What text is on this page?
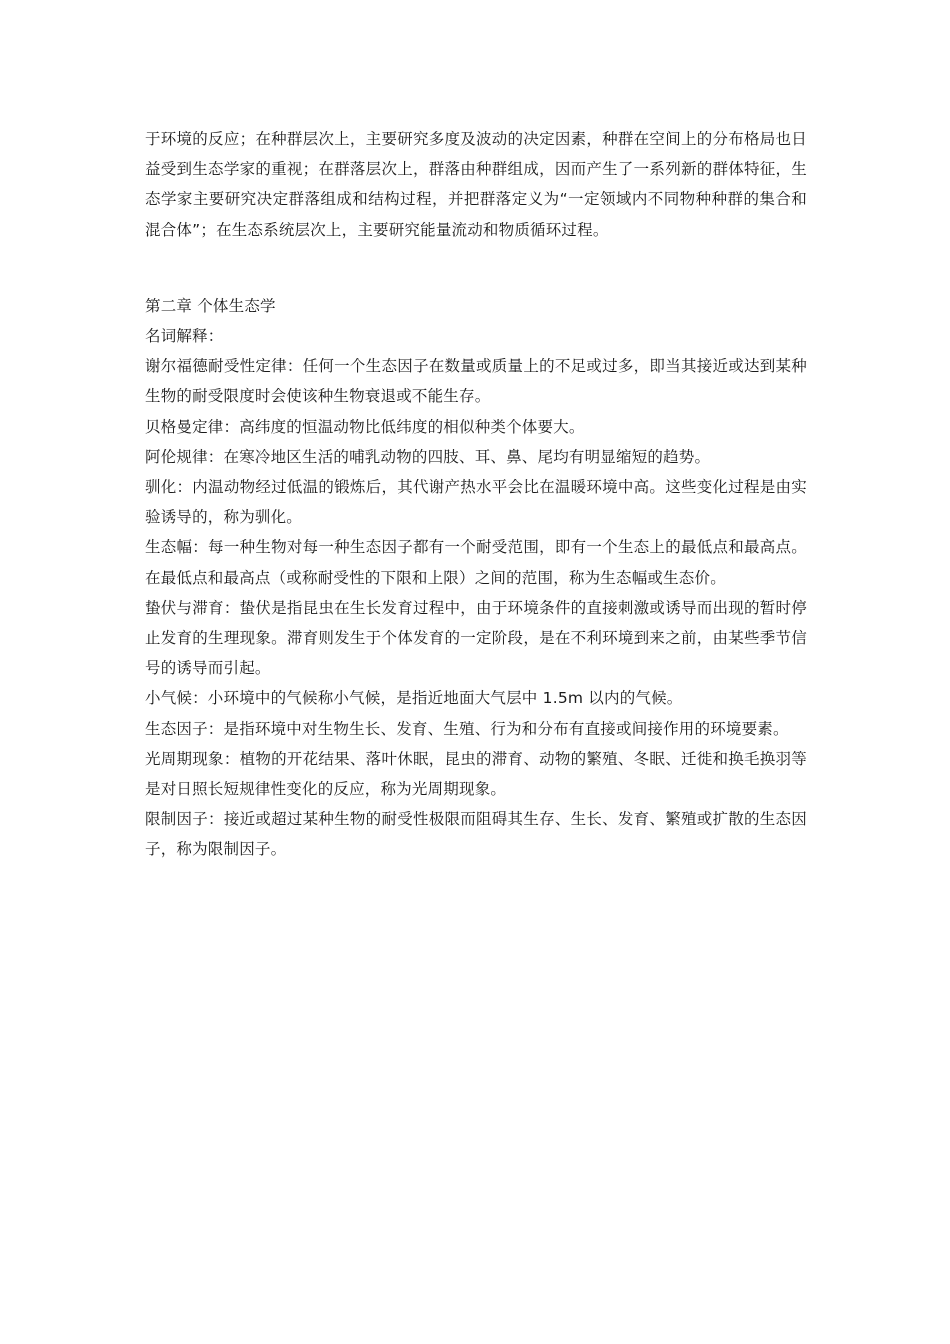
于环境的反应；在种群层次上，主要研究多度及波动的决定因素，种群在空间上的分布格局也日益受到生态学家的重视；在群落层次上，群落由种群组成，因而产生了一系列新的群体特征，生态学家主要研究决定群落组成和结构过程，并把群落定义为“一定领域内不同物种种群的集合和混合体”；在生态系统层次上，主要研究能量流动和物质循环过程。

第二章 个体生态学

名词解释：

谢尔福德耐受性定律：任何一个生态因子在数量或质量上的不足或过多，即当其接近或达到某种生物的耐受限度时会使该种生物衰退或不能生存。

贝格曼定律：高纬度的恒温动物比低纬度的相似种类个体要大。

阿伦规律：在寒冷地区生活的哺乳动物的四肢、耳、鼻、尾均有明显缩短的趋势。

驯化：内温动物经过低温的锻炼后，其代谢产热水平会比在温暖环境中高。这些变化过程是由实验诱导的，称为驯化。

生态幅：每一种生物对每一种生态因子都有一个耐受范围，即有一个生态上的最低点和最高点。在最低点和最高点（或称耐受性的下限和上限）之间的范围，称为生态幅或生态价。

蛰伏与滞育：蛰伏是指昆虫在生长发育过程中，由于环境条件的直接刺激或诱导而出现的暂时停止发育的生理现象。滞育则发生于个体发育的一定阶段，是在不利环境到来之前，由某些季节信号的诱导而引起。

小气候：小环境中的气候称小气候，是指近地面大气层中 1.5m 以内的气候。

生态因子：是指环境中对生物生长、发育、生殖、行为和分布有直接或间接作用的环境要素。

光周期现象：植物的开花结果、落叶休眠，昆虫的滞育、动物的繁殖、冬眠、迁徙和换毛换羽等是对日照长短规律性变化的反应，称为光周期现象。

限制因子：接近或超过某种生物的耐受性极限而阻碍其生存、生长、发育、繁殖或扩散的生态因子，称为限制因子。
